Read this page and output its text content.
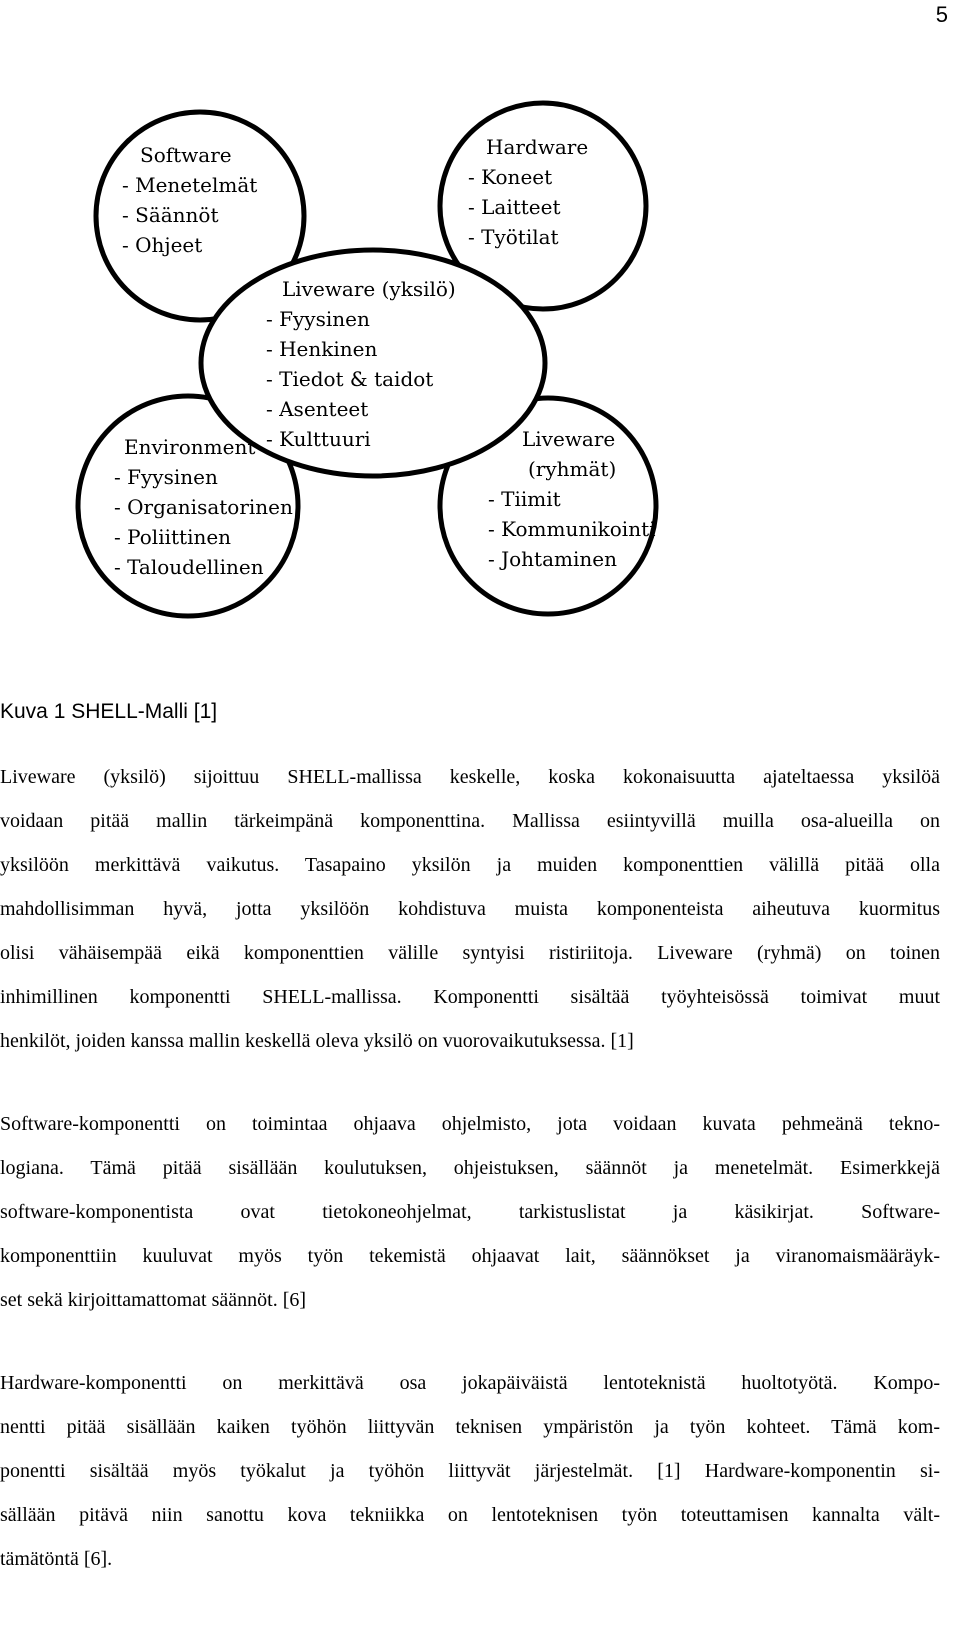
5
Software
- Menetelmät
- Säännöt
- Ohjeet
Hardware
- Koneet
- Laitteet
- Työtilat
Liveware (yksilö)
- Fyysinen
- Henkinen
- Tiedot & taidot
- Asenteet
- Kulttuuri
Environment
- Fyysinen
- Organisatorinen
- Poliittinen
- Taloudellinen
Liveware
(ryhmät)
- Tiimit
- Kommunikointi
- Johtaminen
Kuva 1 SHELL-Malli [1]
Liveware (yksilö) sijoittuu SHELL-mallissa keskelle, koska kokonaisuutta ajateltaessa yksilöä
voidaan pitää mallin tärkeimpänä komponenttina. Mallissa esiintyvillä muilla osa-alueilla on
yksilöön merkittävä vaikutus. Tasapaino yksilön ja muiden komponenttien välillä pitää olla
mahdollisimman hyvä, jotta yksilöön kohdistuva muista komponenteista aiheutuva kuormitus
olisi vähäisempää eikä komponenttien välille syntyisi ristiriitoja. Liveware (ryhmä) on toinen
inhimillinen komponentti SHELL-mallissa. Komponentti sisältää työyhteisössä toimivat muut
henkilöt, joiden kanssa mallin keskellä oleva yksilö on vuorovaikutuksessa. [1]
Software-komponentti on toimintaa ohjaava ohjelmisto, jota voidaan kuvata pehmeänä tekno-
logiana. Tämä pitää sisällään koulutuksen, ohjeistuksen, säännöt ja menetelmät. Esimerkkejä
software-komponentista ovat tietokoneohjelmat, tarkistuslistat ja käsikirjat. Software-
komponenttiin kuuluvat myös työn tekemistä ohjaavat lait, säännökset ja viranomaismääräyk-
set sekä kirjoittamattomat säännöt. [6]
Hardware-komponentti on merkittävä osa jokapäiväistä lentoteknistä huoltotyötä. Kompo-
nentti pitää sisällään kaiken työhön liittyvän teknisen ympäristön ja työn kohteet. Tämä kom-
ponentti sisältää myös työkalut ja työhön liittyvät järjestelmät. [1] Hardware-komponentin si-
sällään pitävä niin sanottu kova tekniikka on lentoteknisen työn toteuttamisen kannalta vält-
tämätöntä [6].
